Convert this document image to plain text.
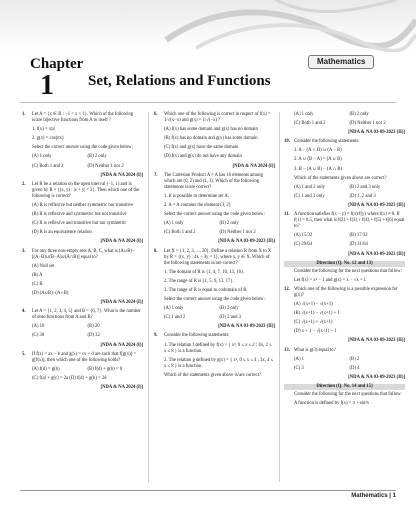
Mathematics
Chapter
1	Set, Relations and Functions
1.	Let A = {x ∈ R : −1 < x < 1}. Which of the following is/are bijective functions from A to itself ?
1. f(x) = x|x|
2. g(x) = cos(πx)
Select the correct answer using the code given below:
(A) 1 only	(B) 2 only
(C) Both 1 and 2	(D) Neither 1 nor 2
[NDA & NA 2024 (I)]
2.	Let R be a relation on the open interval (−1, 1) and is given by R = {(x, y) : |x + y| < 2}. Then which one of the following is correct?
(A) R is reflexive but neither symmetric nor transitive
(B) R is reflexive and symmetric but not transitive
(C) R is reflexive and transitive but not symmetric
(D) R is an equivalence relation
[NDA & NA 2024 (I)]
3.	For any three non-empty sets A, B, C, what is (A∪B)−[(A−B)∪(B−A)∪(A∩B)] equal to?
(A) Null set
(B) A
(C) B
(D) (A∪B)−(A∩B)
[NDA & NA 2024 (I)]
4.	Let A = {1, 2, 3, 4, 5} and B = {6, 7}. What is the number of onto functions from A and B?
(A) 10	(B) 20
(C) 30	(D) 32
[NDA & NA 2024 (I)]
5.	If f(x) = ax − b and g(x) = cx + d are such that f[g(x)] = g[f(x)], then which one of the following holds?
(A) f(d) = g(b)	(B) f(d) + g(b) = 0
(C) f(a) + g(c) = 2a (D) f(d) + g(b) = 2d
[NDA & NA 2024 (I)]
6.	Which one of the following is correct in respect of f(x) = 1/√(x−x) and g(x) = 1/√(−x) ?
(A) f(x) has some domain and g(x) has no domain
(B) f(x) has no domain and g(x) has some domain
(C) f(x) and g(x) have the same domain
(D) f(x) and g(x) do not have any domain
[NDA & NA 2024 (I)]
7.	The Cartesian Product A × A has 16 elements among which are (0, 2) and (1, 3). Which of the following statements is/are correct?
1. It is possible to determine set A.
2. A × A contains the element (3, 2)
Select the correct answer using the code given below:
(A) 1 only	(B) 2 only
(C) Both 1 and 2	(D) Neither 1 nor 2
[NDA & NA 03-09-2023 (II)]
8.	Let X = {1, 2, 3, ..., 20}. Define a relation R from X to X by R = {(x, y) : 4x − 3y = 1}, where x, y ∈ X. Which of the following statements is/are correct?
1. The domain of R is {1, 4, 7, 10, 13, 16}.
2. The range of R is {1, 5, 9, 13, 17}.
3. The range of R is equal to codomain of R.
Select the correct answer using the code given below:
(A) 1 only	(B) 2 only
(C) 1 and 2	(D) 2 and 3
[NDA & NA 03-09-2023 (II)]
9.	Consider the following statements:
1. The relation f defined by f(x) = { x³, 0 ≤ x ≤ 2 ; 4x, 2 ≤ x ≤ 8 } is a function.
2. The relation g defined by g(x) = { x², 0 ≤ x ≤ 4 ; 3x, 4 ≤ x ≤ 8 } is a function.
Which of the statements given above is/are correct?
(A) 1 only	(B) 2 only
(C) Both 1 and 2	(D) Neither 1 nor 2
[NDA & NA 03-09-2023 (II)]
10. Consider the following statements:
1. A − (A ∩ B) ∪ (A − B)
2. A ∪ (B − A) = (A ∪ B)
3. B − (A ∪ B) − (A ∩ B)
Which of the statements given above are correct?
(A) 1 and 2 only	(B) 2 and 3 only
(C) 1 and 3 only	(D) 1, 2 and 3
[NDA & NA 03-09-2023 (II)]
11. A function satisfies f(x − y) = f(x)/f(y) where f(x) ≠ 0. If f(1) = 0.5, then what is f(2) + f(3) + f(4) + f(5) + f(6) equal to?
(A) 15/32	(B) 17/32
(C) 29/64	(D) 31/64
[NDA & NA 03-09-2023 (II)]
Direction (Q. No. 12 and 13)
Consider the following for the next questions that follow:
Let f(x) = x² − 1 and g(x) = x − √x + 1
12. Which one of the following is a possible expression for g(x)?
(A) √(x+1) − √(x+1)
(B) √(x+1) − √(x+1) + 1
(C) √(x+1) + √(x+1)
(D) x + 1 − √(x+1) + 1
[NDA & NA 03-09-2023 (II)]
13. What is g(3) equal to?
(A) 1	(B) 2
(C) 3	(D) 4
[NDA & NA 03-09-2023 (II)]
Direction (Q. No. 14 and 15)
Consider the following for the next questions that follow:
A function is defined by f(x) = π + sin²x
Mathematics | 1
